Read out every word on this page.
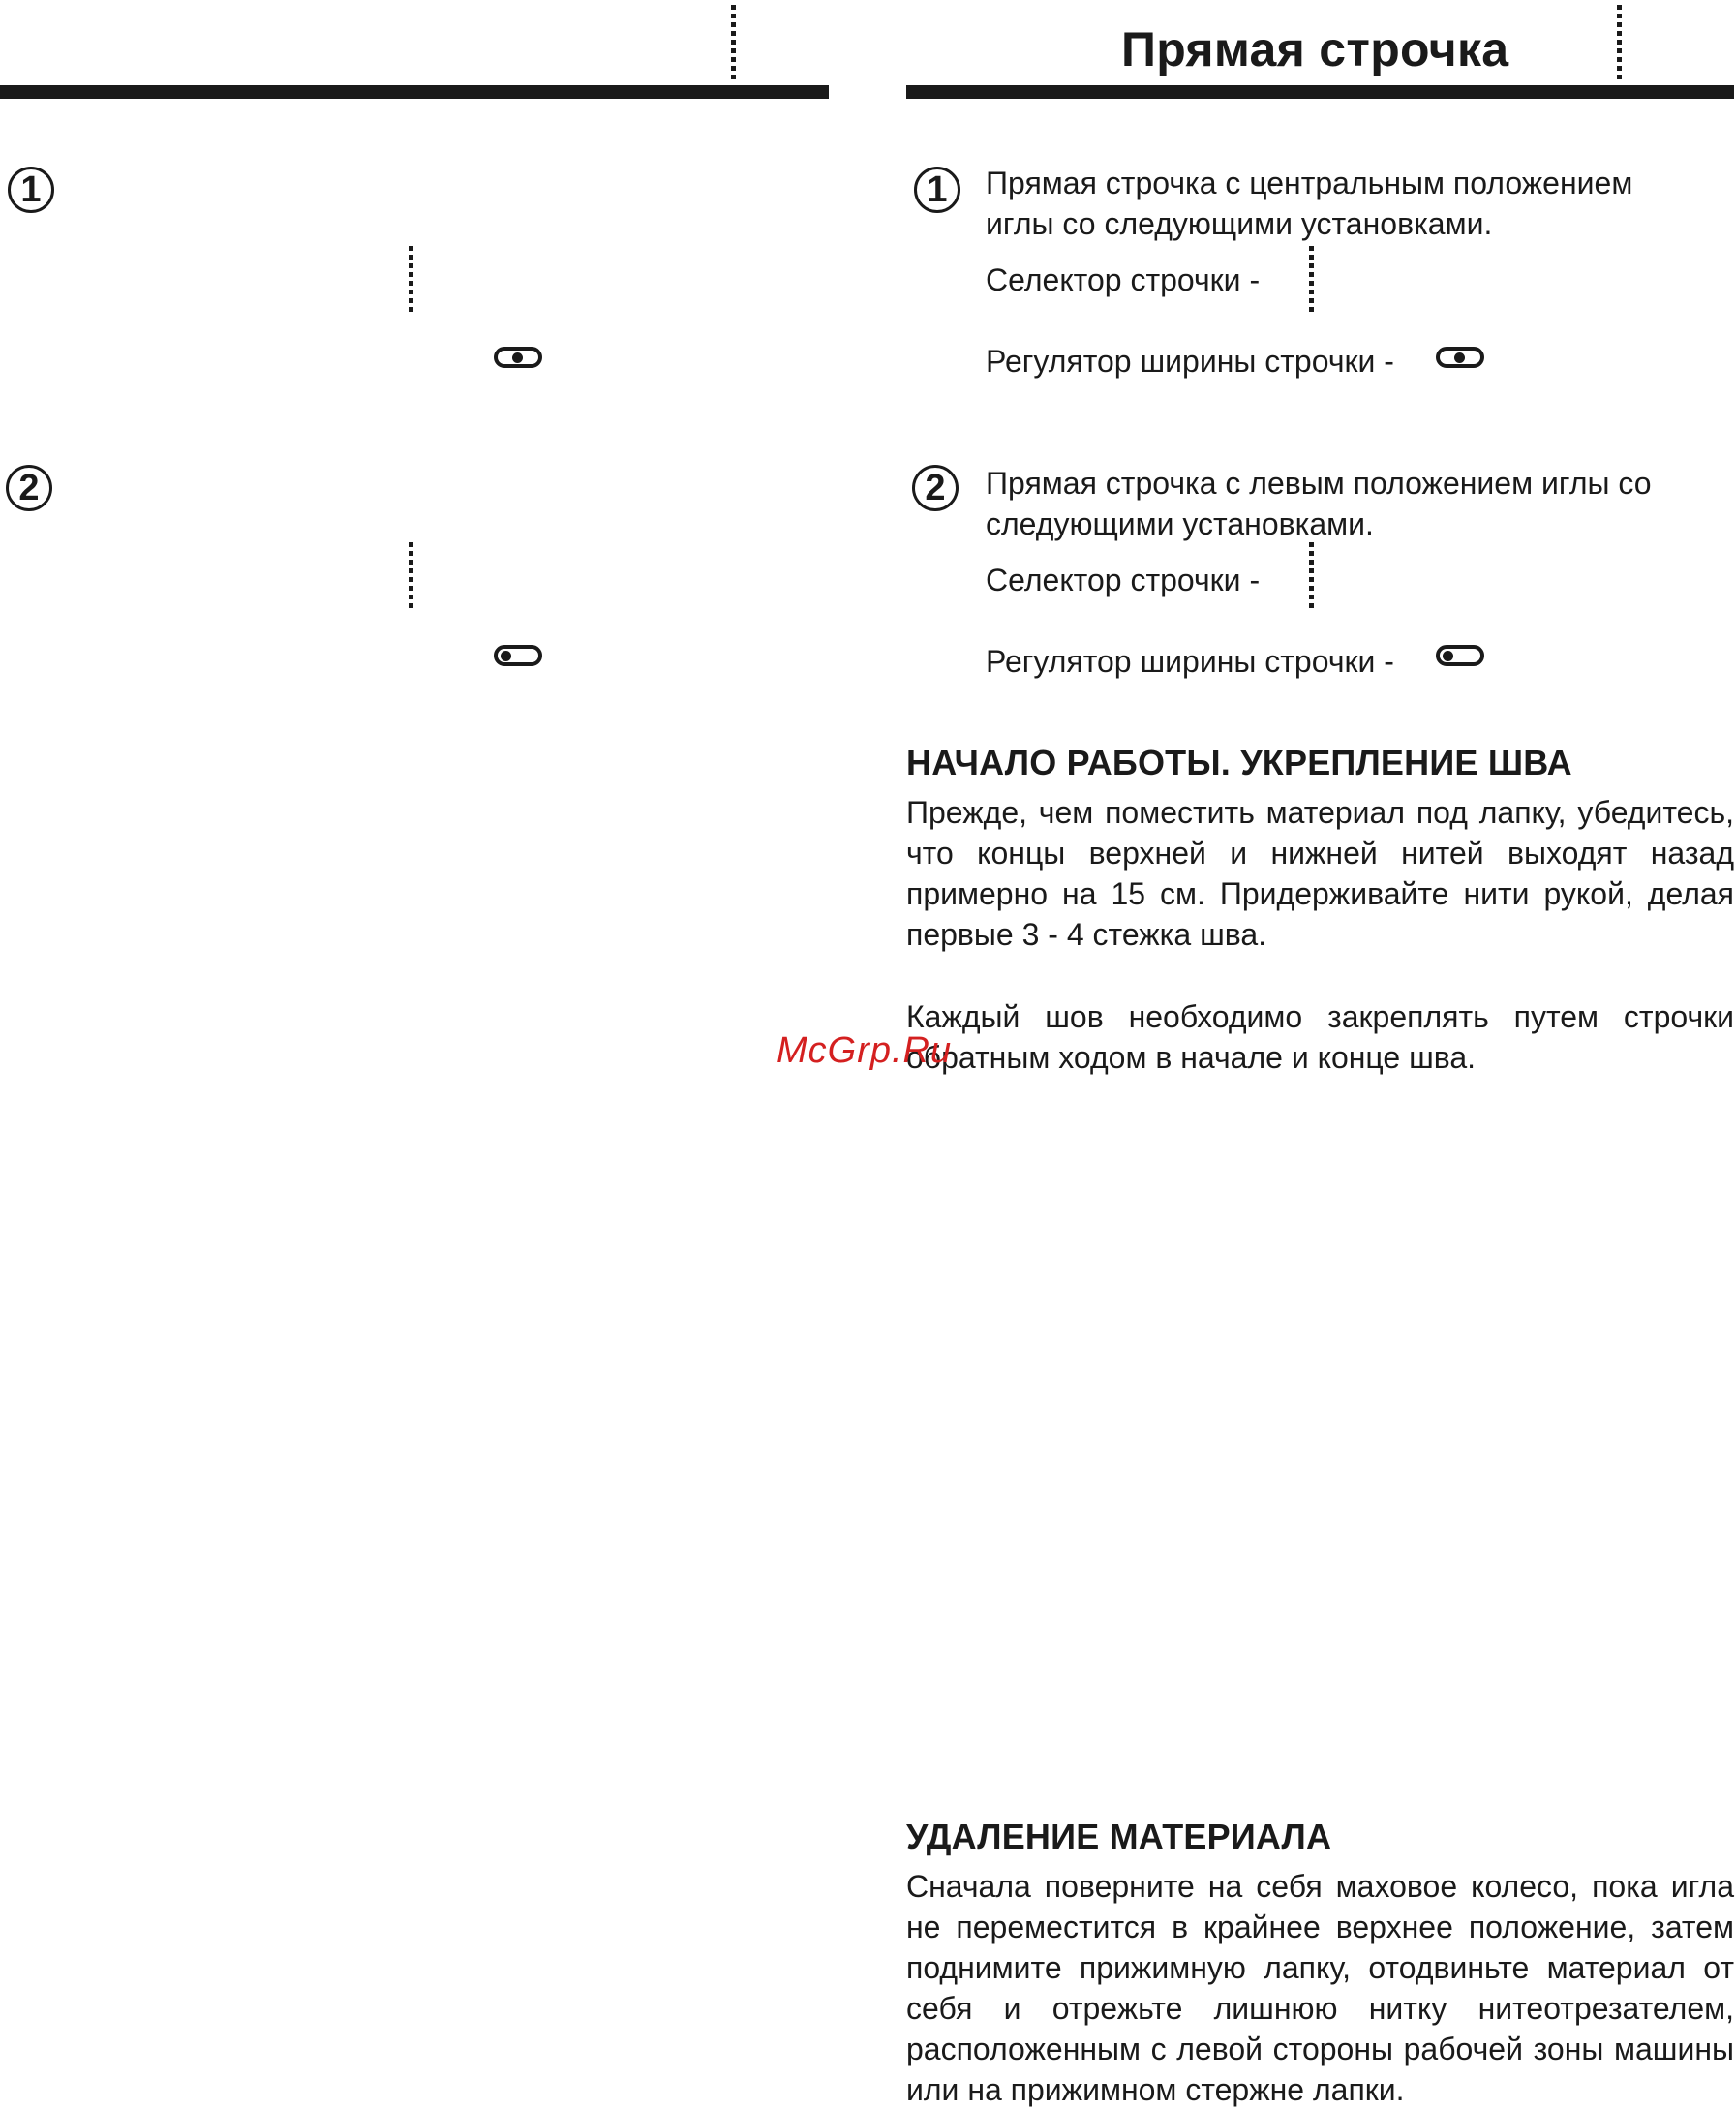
1
2
Прямая строчка
1	Прямая строчка с центральным положением иглы со следующими установками.
Селектор строчки -
Регулятор ширины строчки -
2	Прямая строчка с левым положением иглы со следующими установками.
Селектор строчки -
Регулятор ширины строчки -
НАЧАЛО РАБОТЫ. УКРЕПЛЕНИЕ ШВА
Прежде, чем поместить материал под лапку, убедитесь, что концы верхней и нижней нитей выходят назад примерно на 15 см. Придерживайте нити рукой, делая первые 3 - 4 стежка шва.
Каждый шов необходимо закреплять путем строчки обратным ходом в начале и конце шва.
УДАЛЕНИЕ МАТЕРИАЛА
Сначала поверните на себя маховое колесо, пока игла не переместится в крайнее верхнее положение, затем поднимите прижимную лапку, отодвиньте материал от себя и отрежьте лишнюю нитку нитеотрезателем, расположенным с левой стороны рабочей зоны машины или на прижимном стержне лапки.
McGrp.Ru
